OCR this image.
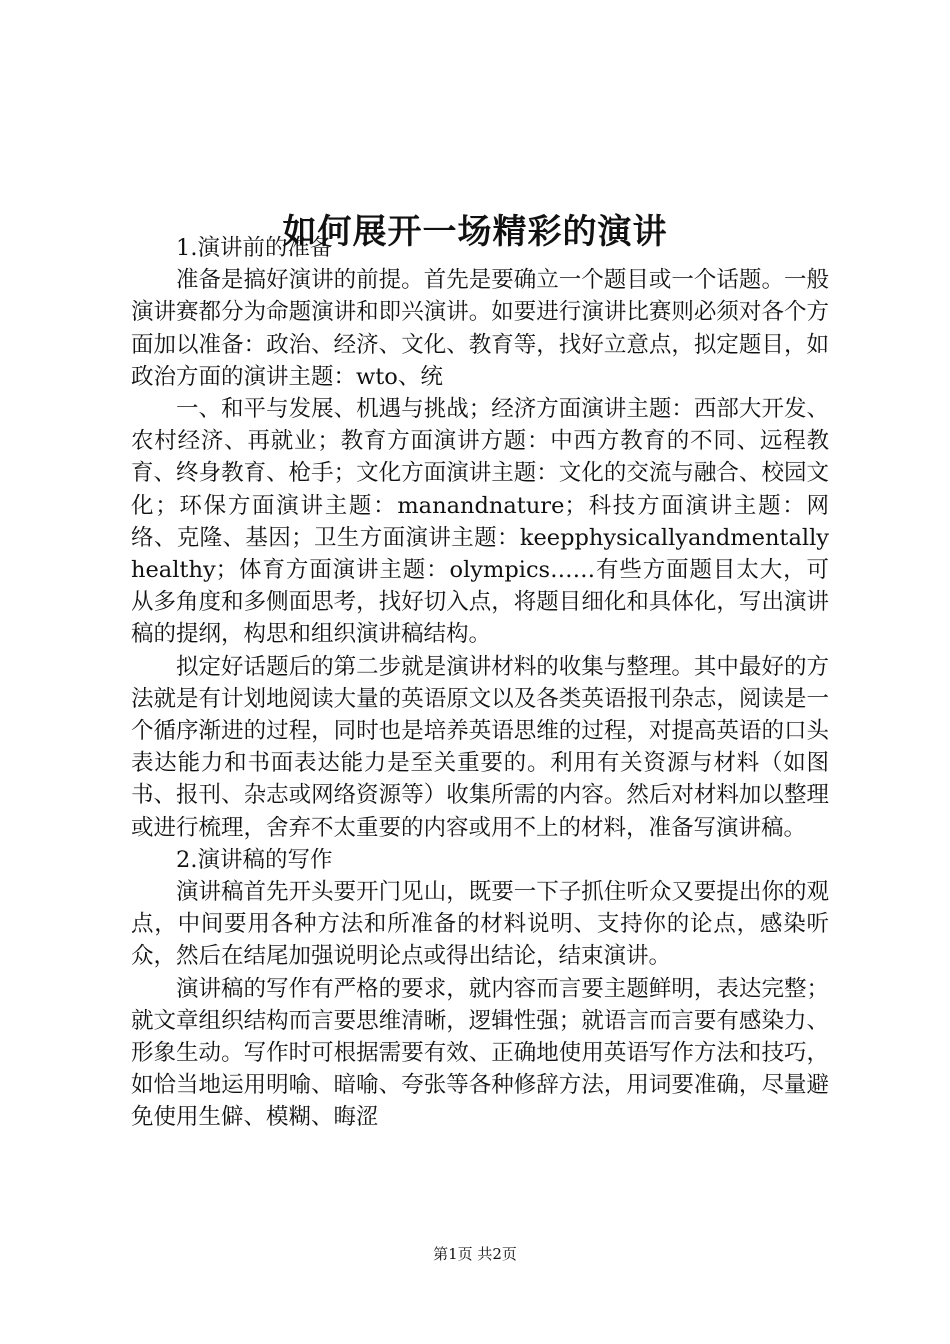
如何展开一场精彩的演讲

1.演讲前的准备

准备是搞好演讲的前提。首先是要确立一个题目或一个话题。一般演讲赛都分为命题演讲和即兴演讲。如要进行演讲比赛则必须对各个方面加以准备：政治、经济、文化、教育等，找好立意点，拟定题目，如政治方面的演讲主题：wto、统

一、和平与发展、机遇与挑战；经济方面演讲主题：西部大开发、农村经济、再就业；教育方面演讲方题：中西方教育的不同、远程教育、终身教育、枪手；文化方面演讲主题：文化的交流与融合、校园文化；环保方面演讲主题：manandnature；科技方面演讲主题：网络、克隆、基因；卫生方面演讲主题：keepphysicallyandmentallyhealthy；体育方面演讲主题：olympics……有些方面题目太大，可从多角度和多侧面思考，找好切入点，将题目细化和具体化，写出演讲稿的提纲，构思和组织演讲稿结构。

拟定好话题后的第二步就是演讲材料的收集与整理。其中最好的方法就是有计划地阅读大量的英语原文以及各类英语报刊杂志，阅读是一个循序渐进的过程，同时也是培养英语思维的过程，对提高英语的口头表达能力和书面表达能力是至关重要的。利用有关资源与材料（如图书、报刊、杂志或网络资源等）收集所需的内容。然后对材料加以整理或进行梳理，舍弃不太重要的内容或用不上的材料，准备写演讲稿。

2.演讲稿的写作

演讲稿首先开头要开门见山，既要一下子抓住听众又要提出你的观点，中间要用各种方法和所准备的材料说明、支持你的论点，感染听众，然后在结尾加强说明论点或得出结论，结束演讲。

演讲稿的写作有严格的要求，就内容而言要主题鲜明，表达完整；就文章组织结构而言要思维清晰，逻辑性强；就语言而言要有感染力、形象生动。写作时可根据需要有效、正确地使用英语写作方法和技巧，如恰当地运用明喻、暗喻、夸张等各种修辞方法，用词要准确，尽量避免使用生僻、模糊、晦涩

第1页 共2页
